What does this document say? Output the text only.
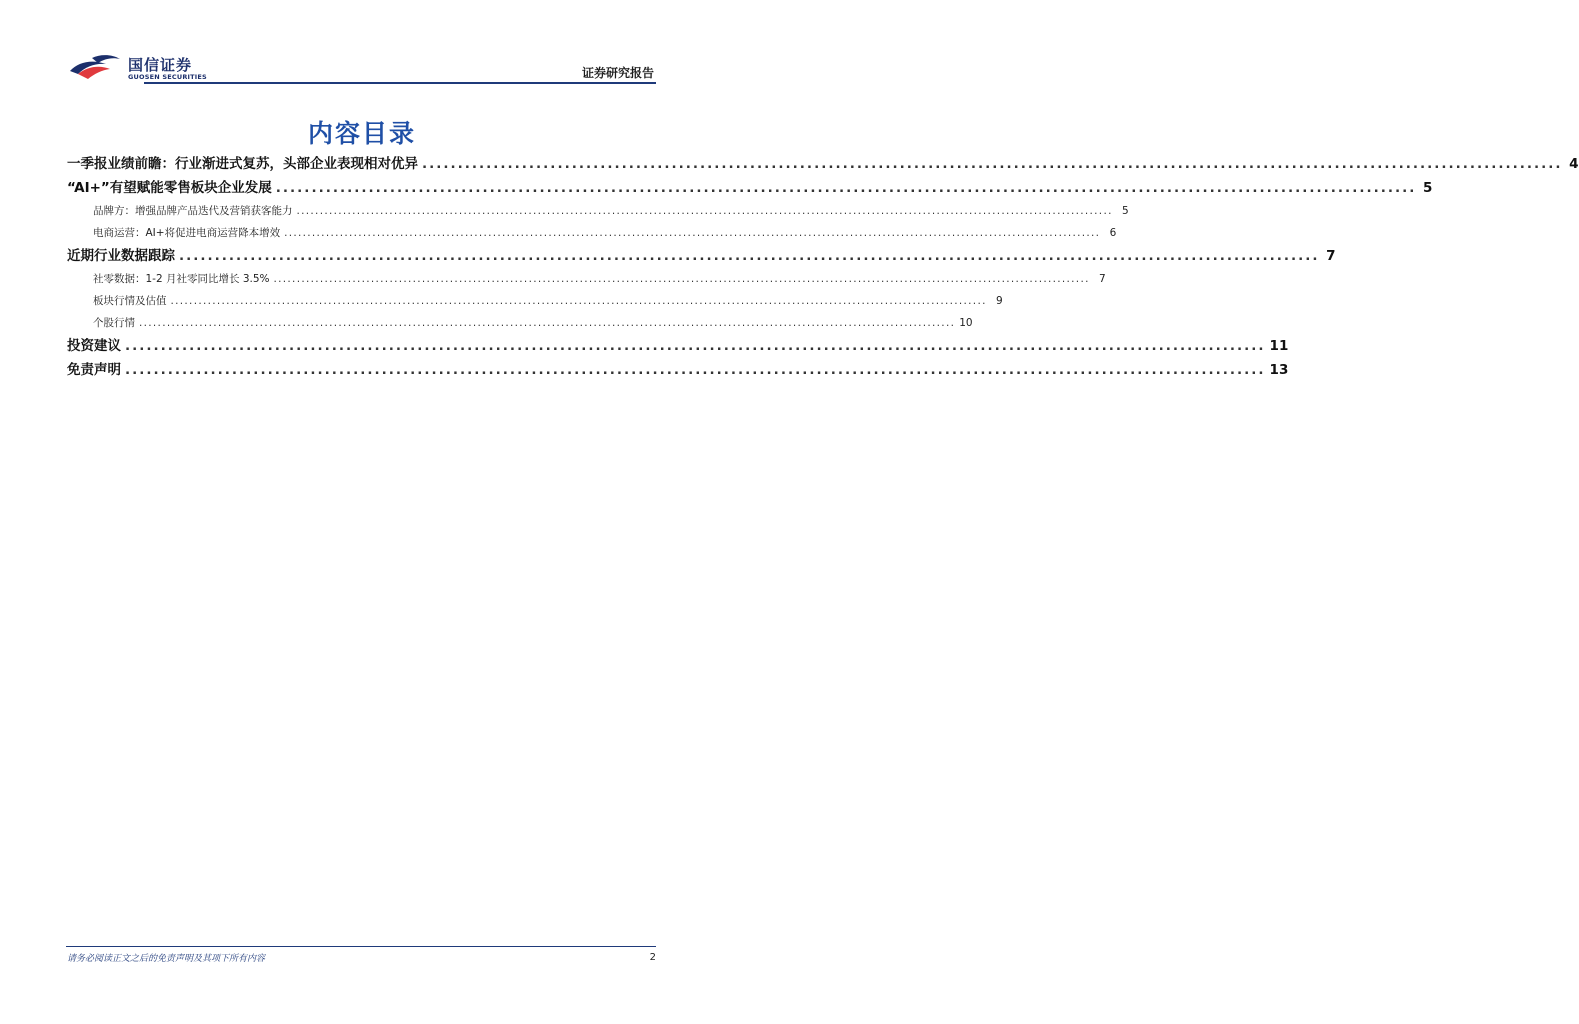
国信证券
GUOSEN SECURITIES	证券研究报告
内容目录
一季报业绩前瞻：行业渐进式复苏，头部企业表现相对优异 ................................................................................................................................................................ 4
“AI+”有望赋能零售板块企业发展 ................................................................................................................................................................ 5
品牌方：增强品牌产品迭代及营销获客能力 ................................................................................................................................................................................ 5
电商运营：AI+将促进电商运营降本增效 ................................................................................................................................................................................ 6
近期行业数据跟踪 ................................................................................................................................................................ 7
社零数据：1-2 月社零同比增长 3.5% ................................................................................................................................................................................ 7
板块行情及估值 ................................................................................................................................................................................ 9
个股行情 ................................................................................................................................................................................ 10
投资建议 ................................................................................................................................................................ 11
免责声明 ................................................................................................................................................................ 13
请务必阅读正文之后的免责声明及其项下所有内容	2
